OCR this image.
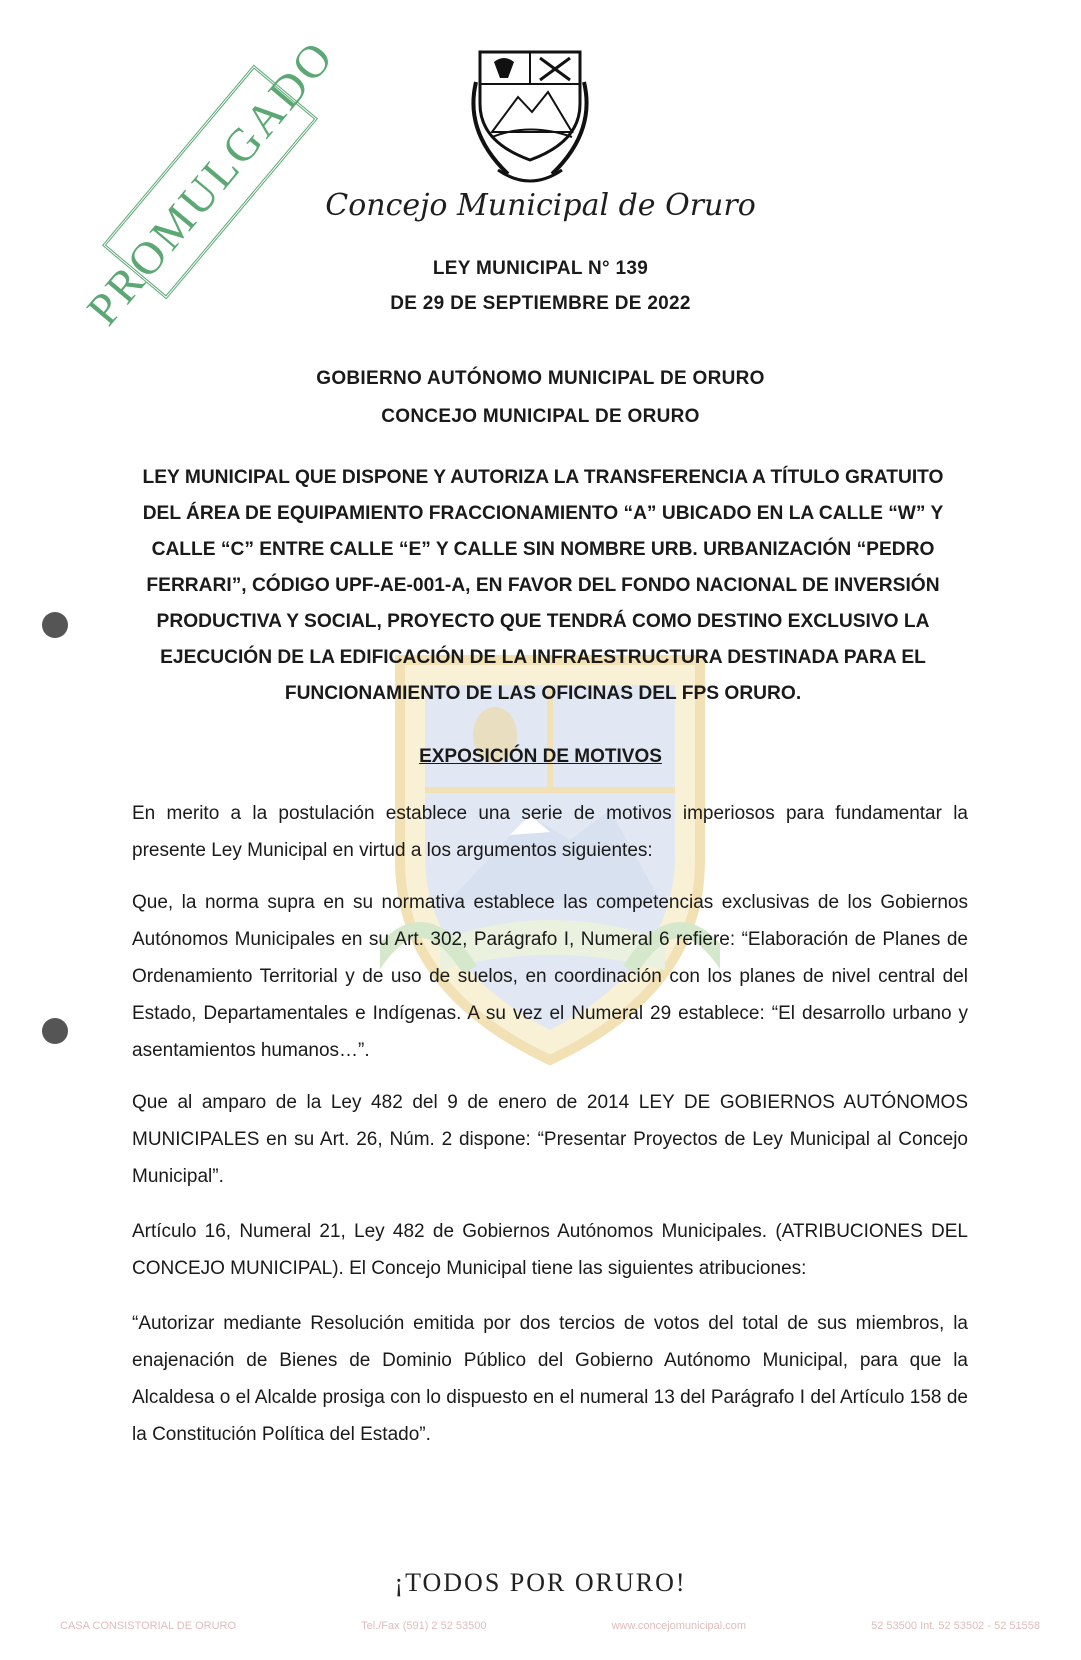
PROMULGADO
Concejo Municipal de Oruro
LEY MUNICIPAL N° 139
DE 29 DE SEPTIEMBRE DE 2022
GOBIERNO AUTÓNOMO MUNICIPAL DE ORURO
CONCEJO MUNICIPAL DE ORURO

LEY MUNICIPAL QUE DISPONE Y AUTORIZA LA TRANSFERENCIA A TÍTULO GRATUITO DEL ÁREA DE EQUIPAMIENTO FRACCIONAMIENTO “A” UBICADO EN LA CALLE “W” Y CALLE “C” ENTRE CALLE “E” Y CALLE SIN NOMBRE URB. URBANIZACIÓN “PEDRO FERRARI”, CÓDIGO UPF-AE-001-A, EN FAVOR DEL FONDO NACIONAL DE INVERSIÓN PRODUCTIVA Y SOCIAL, PROYECTO QUE TENDRÁ COMO DESTINO EXCLUSIVO LA EJECUCIÓN DE LA EDIFICACIÓN DE LA INFRAESTRUCTURA DESTINADA PARA EL FUNCIONAMIENTO DE LAS OFICINAS DEL FPS ORURO.

EXPOSICIÓN DE MOTIVOS

En merito a la postulación establece una serie de motivos imperiosos para fundamentar la presente Ley Municipal en virtud a los argumentos siguientes:

Que, la norma supra en su normativa establece las competencias exclusivas de los Gobiernos Autónomos Municipales en su Art. 302, Parágrafo I, Numeral 6 refiere: “Elaboración de Planes de Ordenamiento Territorial y de uso de suelos, en coordinación con los planes de nivel central del Estado, Departamentales e Indígenas. A su vez el Numeral 29 establece: “El desarrollo urbano y asentamientos humanos…”.

Que al amparo de la Ley 482 del 9 de enero de 2014 LEY DE GOBIERNOS AUTÓNOMOS MUNICIPALES en su Art. 26, Núm. 2 dispone: “Presentar Proyectos de Ley Municipal al Concejo Municipal”.

Artículo 16, Numeral 21, Ley 482 de Gobiernos Autónomos Municipales. (ATRIBUCIONES DEL CONCEJO MUNICIPAL). El Concejo Municipal tiene las siguientes atribuciones:

“Autorizar mediante Resolución emitida por dos tercios de votos del total de sus miembros, la enajenación de Bienes de Dominio Público del Gobierno Autónomo Municipal, para que la Alcaldesa o el Alcalde prosiga con lo dispuesto en el numeral 13 del Parágrafo I del Artículo 158 de la Constitución Política del Estado”.

¡TODOS POR ORURO!
CASA CONSISTORIAL DE ORURO	Tel./Fax (591) 2 52 53500	www.concejomunicipal.com	52 53500 Int. 52 53502 - 52 51558
